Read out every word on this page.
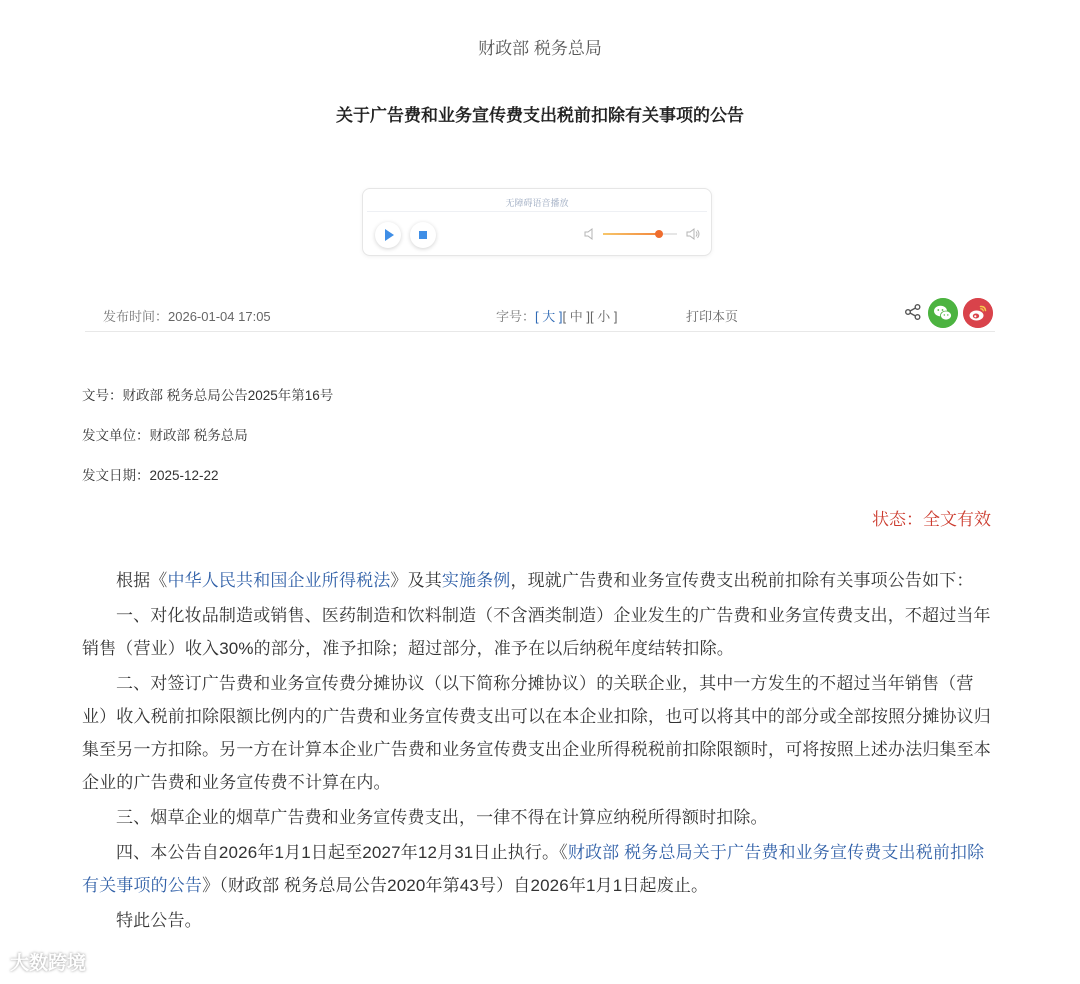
财政部 税务总局
关于广告费和业务宣传费支出税前扣除有关事项的公告
无障碍语音播放
发布时间：2026-01-04 17:05	字号：[ 大 ][ 中 ][ 小 ]	打印本页
文号：财政部 税务总局公告2025年第16号
发文单位：财政部 税务总局
发文日期：2025-12-22
状态：全文有效

根据《中华人民共和国企业所得税法》及其实施条例，现就广告费和业务宣传费支出税前扣除有关事项公告如下：

一、对化妆品制造或销售、医药制造和饮料制造（不含酒类制造）企业发生的广告费和业务宣传费支出，不超过当年销售（营业）收入30%的部分，准予扣除；超过部分，准予在以后纳税年度结转扣除。

二、对签订广告费和业务宣传费分摊协议（以下简称分摊协议）的关联企业，其中一方发生的不超过当年销售（营业）收入税前扣除限额比例内的广告费和业务宣传费支出可以在本企业扣除，也可以将其中的部分或全部按照分摊协议归集至另一方扣除。另一方在计算本企业广告费和业务宣传费支出企业所得税税前扣除限额时，可将按照上述办法归集至本企业的广告费和业务宣传费不计算在内。

三、烟草企业的烟草广告费和业务宣传费支出，一律不得在计算应纳税所得额时扣除。

四、本公告自2026年1月1日起至2027年12月31日止执行。《财政部 税务总局关于广告费和业务宣传费支出税前扣除有关事项的公告》（财政部 税务总局公告2020年第43号）自2026年1月1日起废止。

特此公告。

大数跨境
